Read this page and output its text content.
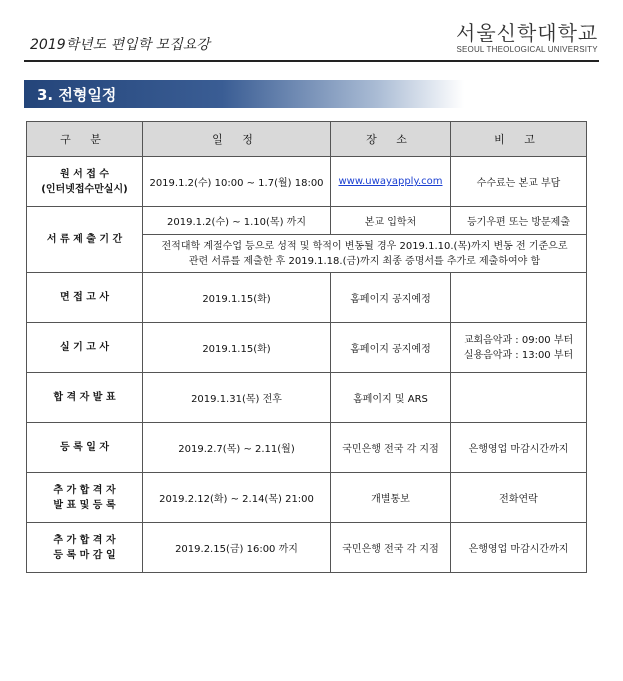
2019학년도 편입학 모집요강	서울신학대학교
SEOUL THEOLOGICAL UNIVERSITY
3. 전형일정
구 분	일 정	장 소	비 고

원 서 접 수
(인터넷접수만실시)	2019.1.2(수) 10:00 ~ 1.7(월) 18:00	www.uwayapply.com	수수료는 본교 부담
서 류 제 출 기 간	2019.1.2(수) ~ 1.10(목) 까지	본교 입학처	등기우편 또는 방문제출

	전적대학 계절수업 등으로 성적 및 학적이 변동될 경우 2019.1.10.(목)까지 변동 전 기준으로
관련 서류를 제출한 후 2019.1.18.(금)까지 최종 증명서를 추가로 제출하여야 함		

면 접 고 사	2019.1.15(화)	홈페이지 공지예정	
실 기 고 사	2019.1.15(화)	홈페이지 공지예정	교회음악과 : 09:00 부터
실용음악과 : 13:00 부터

합 격 자 발 표	2019.1.31(목) 전후	홈페이지 및 ARS	
등 록 일 자	2019.2.7(목) ~ 2.11(월)	국민은행 전국 각 지점	은행영업 마감시간까지

추 가 합 격 자
발 표 및 등 록	2019.2.12(화) ~ 2.14(목) 21:00	개별통보	전화연락

추 가 합 격 자
등 록 마 감 일	2019.2.15(금) 16:00 까지	국민은행 전국 각 지점	은행영업 마감시간까지
